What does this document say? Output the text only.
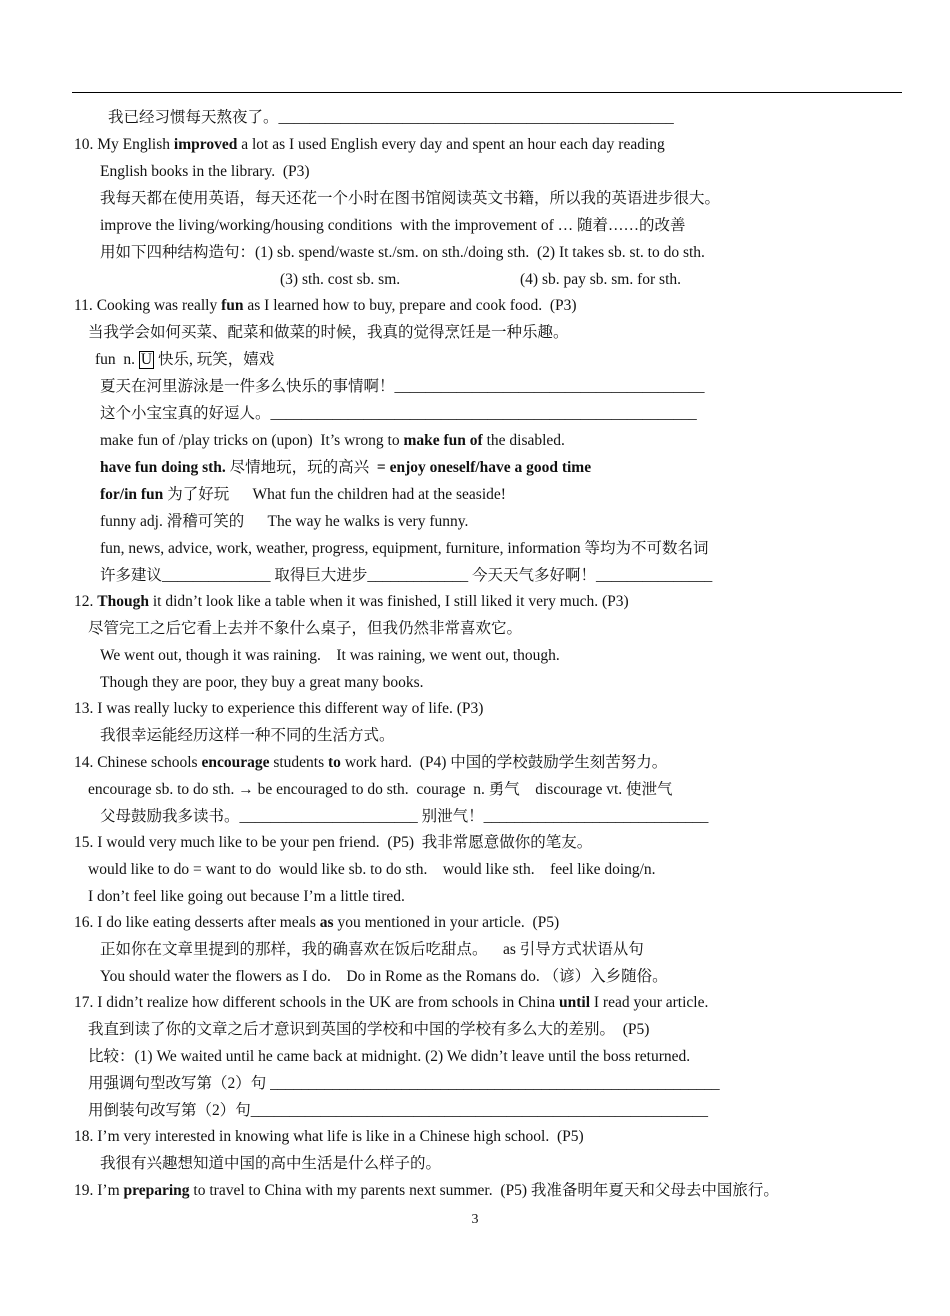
我已经习惯每天熬夜了。___________________________________________________
10. My English improved a lot as I used English every day and spent an hour each day reading
English books in the library.  (P3)
我每天都在使用英语，每天还花一个小时在图书馆阅读英文书籍，所以我的英语进步很大。
improve the living/working/housing conditions  with the improvement of … 随着……的改善
用如下四种结构造句：(1) sb. spend/waste st./sm. on sth./doing sth.  (2) It takes sb. st. to do sth.
(3) sth. cost sb. sm.	(4) sb. pay sb. sm. for sth.
11. Cooking was really fun as I learned how to buy, prepare and cook food.  (P3)
当我学会如何买菜、配菜和做菜的时候，我真的觉得烹饪是一种乐趣。
fun  n. U 快乐, 玩笑，嬉戏
夏天在河里游泳是一件多么快乐的事情啊！________________________________________
这个小宝宝真的好逗人。_______________________________________________________
make fun of /play tricks on (upon)  It’s wrong to make fun of the disabled.
have fun doing sth. 尽情地玩，玩的高兴  = enjoy oneself/have a good time
for/in fun 为了好玩      What fun the children had at the seaside!
funny adj. 滑稽可笑的      The way he walks is very funny.
fun, news, advice, work, weather, progress, equipment, furniture, information 等均为不可数名词
许多建议______________ 取得巨大进步_____________ 今天天气多好啊！_______________
12. Though it didn’t look like a table when it was finished, I still liked it very much. (P3)
尽管完工之后它看上去并不象什么桌子，但我仍然非常喜欢它。
We went out, though it was raining.    It was raining, we went out, though.
Though they are poor, they buy a great many books.
13. I was really lucky to experience this different way of life. (P3)
我很幸运能经历这样一种不同的生活方式。
14. Chinese schools encourage students to work hard.  (P4) 中国的学校鼓励学生刻苦努力。
encourage sb. to do sth. → be encouraged to do sth.  courage  n. 勇气    discourage vt. 使泄气
父母鼓励我多读书。_______________________ 别泄气！_____________________________
15. I would very much like to be your pen friend.  (P5)  我非常愿意做你的笔友。
would like to do = want to do  would like sb. to do sth.    would like sth.    feel like doing/n.
I don’t feel like going out because I’m a little tired.
16. I do like eating desserts after meals as you mentioned in your article.  (P5)
正如你在文章里提到的那样，我的确喜欢在饭后吃甜点。    as 引导方式状语从句
You should water the flowers as I do.    Do in Rome as the Romans do. （谚）入乡随俗。
17. I didn’t realize how different schools in the UK are from schools in China until I read your article.
我直到读了你的文章之后才意识到英国的学校和中国的学校有多么大的差别。  (P5)
比较：(1) We waited until he came back at midnight. (2) We didn’t leave until the boss returned.
用强调句型改写第（2）句 __________________________________________________________
用倒装句改写第（2）句___________________________________________________________
18. I’m very interested in knowing what life is like in a Chinese high school.  (P5)
我很有兴趣想知道中国的高中生活是什么样子的。
19. I’m preparing to travel to China with my parents next summer.  (P5) 我准备明年夏天和父母去中国旅行。
3
